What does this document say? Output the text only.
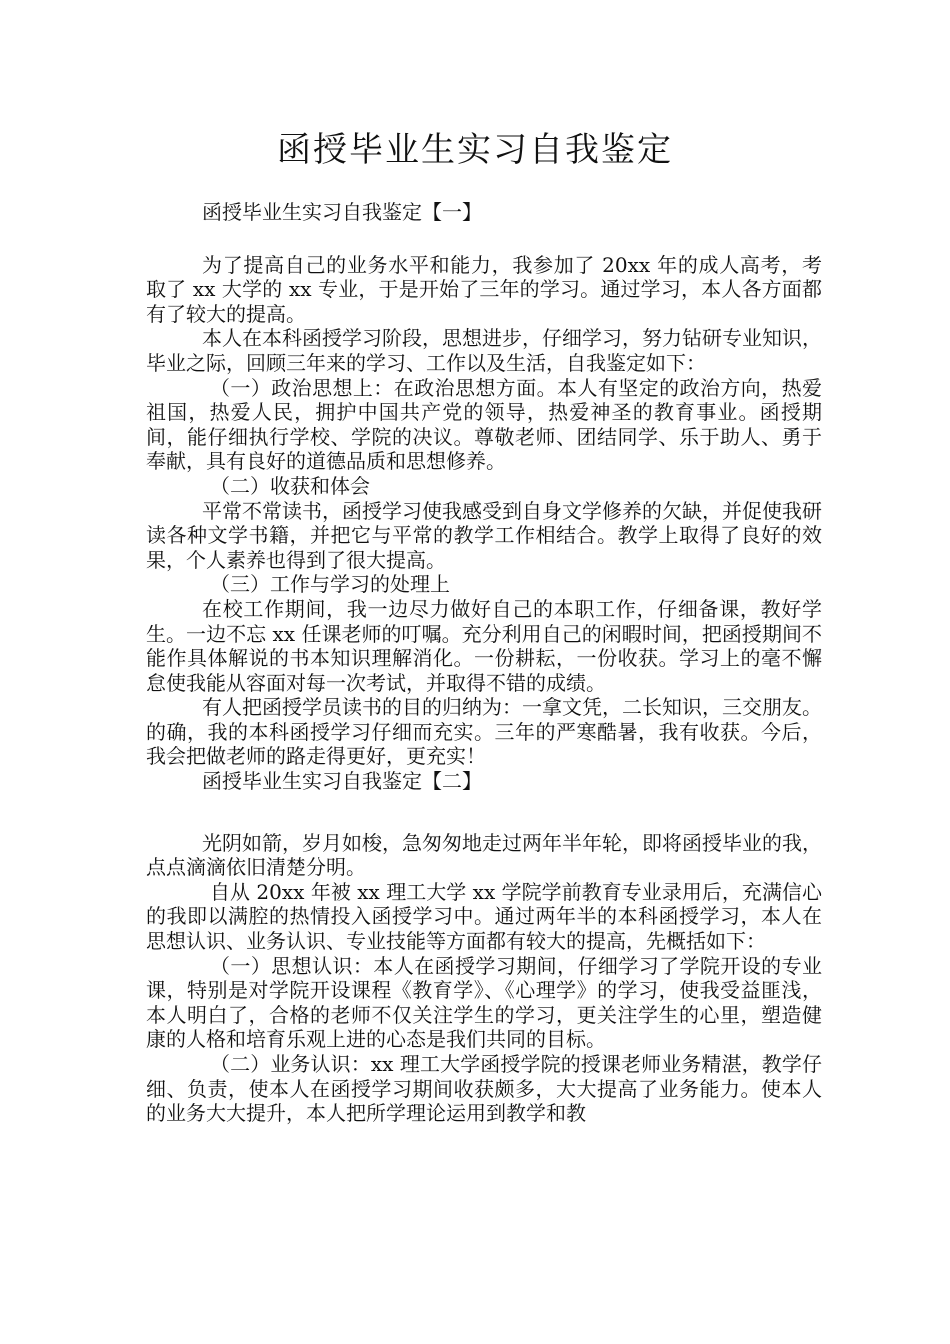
函授毕业生实习自我鉴定

函授毕业生实习自我鉴定【一】

为了提高自己的业务水平和能力，我参加了 20xx 年的成人高考，考取了 xx 大学的 xx 专业，于是开始了三年的学习。通过学习，本人各方面都有了较大的提高。

本人在本科函授学习阶段，思想进步，仔细学习，努力钻研专业知识，毕业之际，回顾三年来的学习、工作以及生活，自我鉴定如下：

（一）政治思想上：在政治思想方面。本人有坚定的政治方向，热爱祖国，热爱人民，拥护中国共产党的领导，热爱神圣的教育事业。函授期间，能仔细执行学校、学院的决议。尊敬老师、团结同学、乐于助人、勇于奉献，具有良好的道德品质和思想修养。

（二）收获和体会

平常不常读书，函授学习使我感受到自身文学修养的欠缺，并促使我研读各种文学书籍，并把它与平常的教学工作相结合。教学上取得了良好的效果，个人素养也得到了很大提高。

（三）工作与学习的处理上

在校工作期间，我一边尽力做好自己的本职工作，仔细备课，教好学生。一边不忘 xx 任课老师的叮嘱。充分利用自己的闲暇时间，把函授期间不能作具体解说的书本知识理解消化。一份耕耘，一份收获。学习上的毫不懈怠使我能从容面对每一次考试，并取得不错的成绩。

有人把函授学员读书的目的归纳为：一拿文凭，二长知识，三交朋友。的确，我的本科函授学习仔细而充实。三年的严寒酷暑，我有收获。今后，我会把做老师的路走得更好，更充实！

函授毕业生实习自我鉴定【二】

光阴如箭，岁月如梭，急匆匆地走过两年半年轮，即将函授毕业的我，点点滴滴依旧清楚分明。

自从 20xx 年被 xx 理工大学 xx 学院学前教育专业录用后，充满信心的我即以满腔的热情投入函授学习中。通过两年半的本科函授学习，本人在思想认识、业务认识、专业技能等方面都有较大的提高，先概括如下：

（一）思想认识：本人在函授学习期间，仔细学习了学院开设的专业课，特别是对学院开设课程《教育学》、《心理学》的学习，使我受益匪浅，本人明白了，合格的老师不仅关注学生的学习，更关注学生的心里，塑造健康的人格和培育乐观上进的心态是我们共同的目标。

（二）业务认识：xx 理工大学函授学院的授课老师业务精湛，教学仔细、负责，使本人在函授学习期间收获颇多，大大提高了业务能力。使本人的业务大大提升，本人把所学理论运用到教学和教
